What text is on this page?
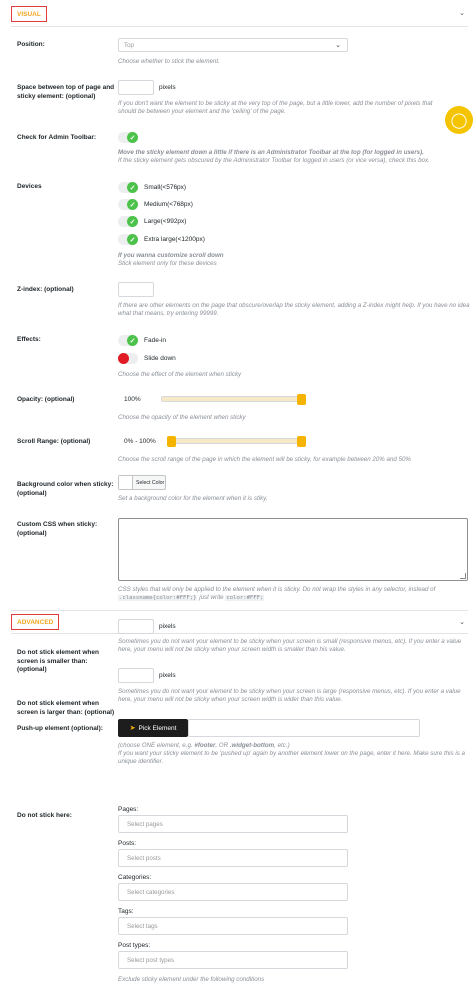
VISUAL	⌄
Position:	Top	⌄
Choose whether to stick the element.
Space between top of page and sticky element: (optional)
pixels
If you don't want the element to be sticky at the very top of the page, but a little lower, add the number of pixels that should be between your element and the 'ceiling' of the page.
◯
Check for Admin Toolbar:	✓
Move the sticky element down a little if there is an Administrator Toolbar at the top (for logged in users).
If the sticky element gets obscured by the Administrator Toolbar for logged in users (or vice versa), check this box.
Devices	✓	Small(<576px)
✓	Medium(<768px)
✓	Large(<992px)
✓	Extra large(<1200px)
If you wanna customize scroll down
Stick element only for these devices
Z-index: (optional)
If there are other elements on the page that obscure/overlap the sticky element, adding a Z-index might help. If you have no idea what that means, try entering 99999.
Effects:	✓	Fade-in
Slide down
Choose the effect of the element when sticky
Opacity: (optional)	100%
Choose the opacity of the element when sticky
Scroll Range: (optional)	0% - 100%
Choose the scroll range of the page in which the element will be sticky, for example between 20% and 50%
Background color when sticky: (optional)
Select Color
Set a background color for the element when it is stiky.
Custom CSS when sticky: (optional)
CSS styles that will only be applied to the element when it is sticky. Do not wrap the styles in any selector, instead of
.classname{color:#FFF;} just write color:#FFF;
ADVANCED	⌄
Do not stick element when screen is smaller than: (optional)
pixels
Sometimes you do not want your element to be sticky when your screen is small (responsive menus, etc). If you enter a value here, your menu will not be sticky when your screen width is smaller than his value.
Do not stick element when screen is larger than: (optional)
pixels
Sometimes you do not want your element to be sticky when your screen is large (responsive menus, etc). If you enter a value here, your menu will not be sticky when your screen width is wider than this value.
Push-up element (optional):	➤ Pick Element
(choose ONE element, e.g. #footer, OR .widget-bottom, etc.)
If you want your sticky element to be 'pushed up' again by another element lower on the page, enter it here. Make sure this is a unique identifier.
Do not stick here:
Pages:
Select pages
Posts:
Select posts
Categories:
Select categories
Tags:
Select tags
Post types:
Select post types
Exclude sticky element under the following conditions
